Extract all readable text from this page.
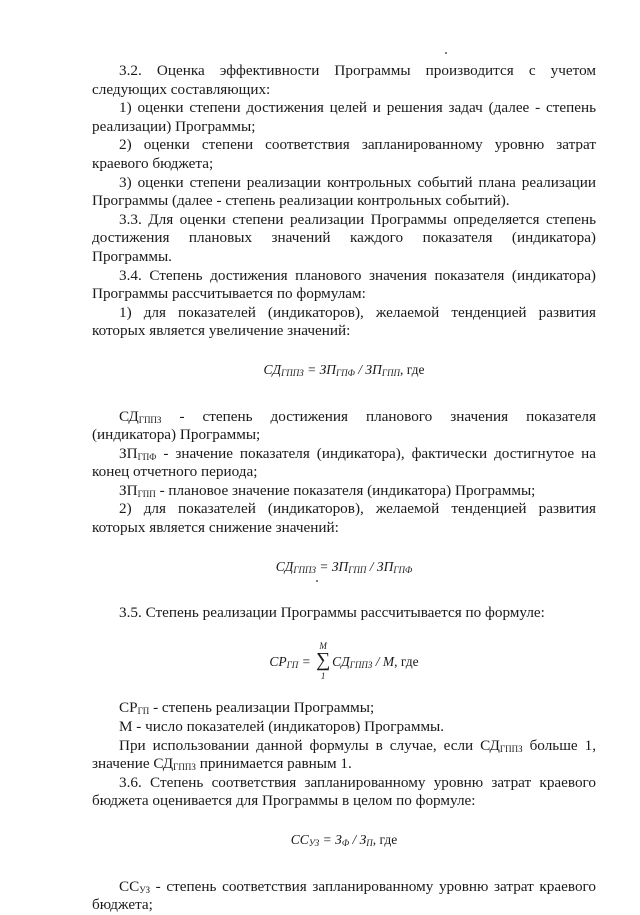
3.2. Оценка эффективности Программы производится с учетом следующих составляющих:

1) оценки степени достижения целей и решения задач (далее - степень реализации) Программы;

2) оценки степени соответствия запланированному уровню затрат краевого бюджета;

3) оценки степени реализации контрольных событий плана реализации Программы (далее - степень реализации контрольных событий).

3.3. Для оценки степени реализации Программы определяется степень достижения плановых значений каждого показателя (индикатора) Программы.

3.4. Степень достижения планового значения показателя (индикатора) Программы рассчитывается по формулам:

1) для показателей (индикаторов), желаемой тенденцией развития которых является увеличение значений:

$СД_{ГППЗ} = ЗП_{ГПФ} / ЗП_{ГПП}$, где

$СД_{ГППЗ}$ - степень достижения планового значения показателя (индикатора) Программы;

$ЗП_{ГПФ}$ - значение показателя (индикатора), фактически достигнутое на конец отчетного периода;

$ЗП_{ГПП}$ - плановое значение показателя (индикатора) Программы;

2) для показателей (индикаторов), желаемой тенденцией развития которых является снижение значений:

$СД_{ГППЗ} = ЗП_{ГПП} / ЗП_{ГПФ}$

3.5. Степень реализации Программы рассчитывается по формуле:

$СР_{ГП}$ =
М
∑
1
$СД_{ГППЗ}$ / М, где

$СР_{ГП}$ - степень реализации Программы;

М - число показателей (индикаторов) Программы.

При использовании данной формулы в случае, если $СД_{ГППЗ}$ больше 1, значение $СД_{ГППЗ}$ принимается равным 1.

3.6. Степень соответствия запланированному уровню затрат краевого бюджета оценивается для Программы в целом по формуле:

$СС_{УЗ} = З_Ф / З_П$, где

$СС_{УЗ}$ - степень соответствия запланированному уровню затрат краевого бюджета;
